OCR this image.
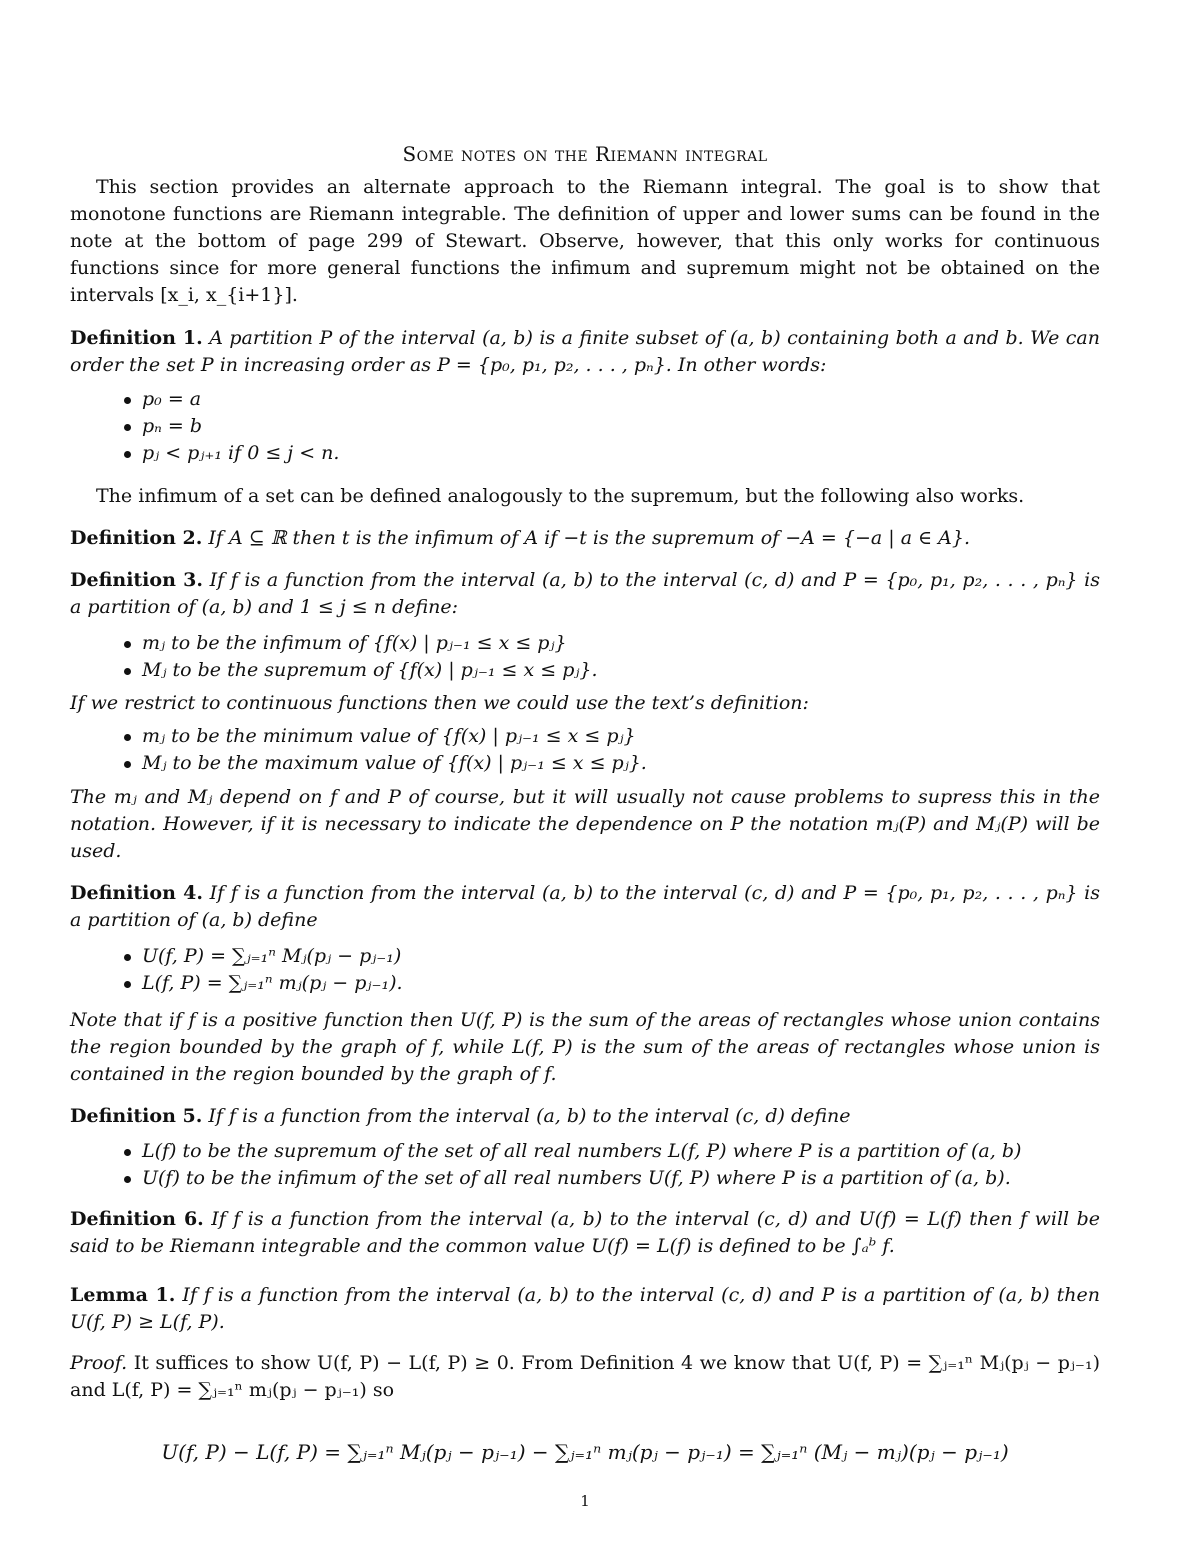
Some notes on the Riemann integral
This section provides an alternate approach to the Riemann integral. The goal is to show that monotone functions are Riemann integrable. The definition of upper and lower sums can be found in the note at the bottom of page 299 of Stewart. Observe, however, that this only works for continuous functions since for more general functions the infimum and supremum might not be obtained on the intervals [x_i, x_{i+1}].
Definition 1. A partition P of the interval (a, b) is a finite subset of (a, b) containing both a and b. We can order the set P in increasing order as P = {p₀, p₁, p₂, . . . , pₙ}. In other words:
p₀ = a
pₙ = b
pⱼ < pⱼ₊₁ if 0 ≤ j < n.
The infimum of a set can be defined analogously to the supremum, but the following also works.
Definition 2. If A ⊆ ℝ then t is the infimum of A if −t is the supremum of −A = {−a | a ∈ A}.
Definition 3. If f is a function from the interval (a, b) to the interval (c, d) and P = {p₀, p₁, p₂, . . . , pₙ} is a partition of (a, b) and 1 ≤ j ≤ n define:
mⱼ to be the infimum of {f(x) | pⱼ₋₁ ≤ x ≤ pⱼ}
Mⱼ to be the supremum of {f(x) | pⱼ₋₁ ≤ x ≤ pⱼ}.
If we restrict to continuous functions then we could use the text’s definition:
mⱼ to be the minimum value of {f(x) | pⱼ₋₁ ≤ x ≤ pⱼ}
Mⱼ to be the maximum value of {f(x) | pⱼ₋₁ ≤ x ≤ pⱼ}.
The mⱼ and Mⱼ depend on f and P of course, but it will usually not cause problems to supress this in the notation. However, if it is necessary to indicate the dependence on P the notation mⱼ(P) and Mⱼ(P) will be used.
Definition 4. If f is a function from the interval (a, b) to the interval (c, d) and P = {p₀, p₁, p₂, . . . , pₙ} is a partition of (a, b) define
U(f, P) = ∑ⱼ₌₁ⁿ Mⱼ(pⱼ − pⱼ₋₁)
L(f, P) = ∑ⱼ₌₁ⁿ mⱼ(pⱼ − pⱼ₋₁).
Note that if f is a positive function then U(f, P) is the sum of the areas of rectangles whose union contains the region bounded by the graph of f, while L(f, P) is the sum of the areas of rectangles whose union is contained in the region bounded by the graph of f.
Definition 5. If f is a function from the interval (a, b) to the interval (c, d) define
L(f) to be the supremum of the set of all real numbers L(f, P) where P is a partition of (a, b)
U(f) to be the infimum of the set of all real numbers U(f, P) where P is a partition of (a, b).
Definition 6. If f is a function from the interval (a, b) to the interval (c, d) and U(f) = L(f) then f will be said to be Riemann integrable and the common value U(f) = L(f) is defined to be ∫ₐᵇ f.
Lemma 1. If f is a function from the interval (a, b) to the interval (c, d) and P is a partition of (a, b) then U(f, P) ≥ L(f, P).
Proof. It suffices to show U(f, P) − L(f, P) ≥ 0. From Definition 4 we know that U(f, P) = ∑ⱼ₌₁ⁿ Mⱼ(pⱼ − pⱼ₋₁) and L(f, P) = ∑ⱼ₌₁ⁿ mⱼ(pⱼ − pⱼ₋₁) so
U(f, P) − L(f, P) = ∑ⱼ₌₁ⁿ Mⱼ(pⱼ − pⱼ₋₁) − ∑ⱼ₌₁ⁿ mⱼ(pⱼ − pⱼ₋₁) = ∑ⱼ₌₁ⁿ (Mⱼ − mⱼ)(pⱼ − pⱼ₋₁)
1
